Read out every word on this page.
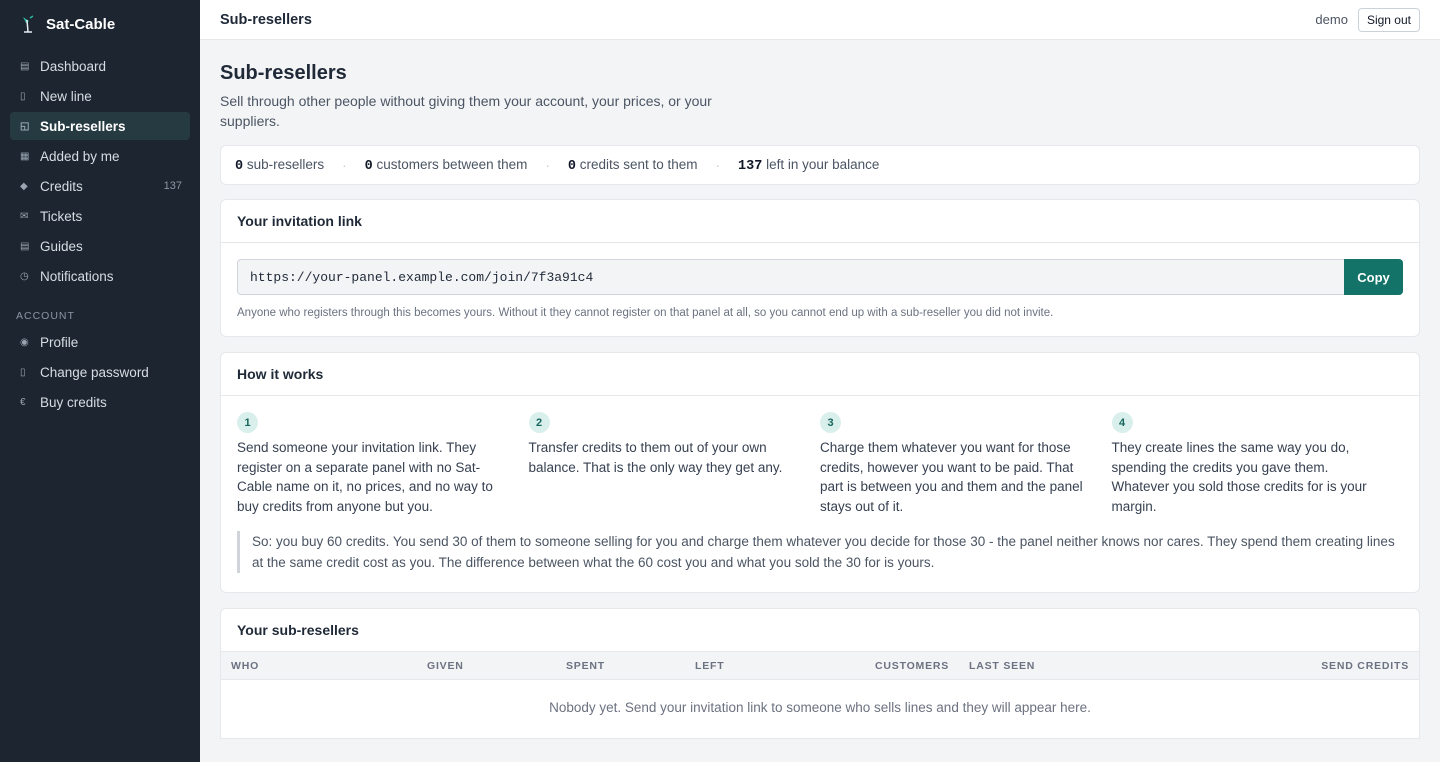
Sat-Cable
▤ Dashboard
▯	New line
◱ Sub-resellers
▦ Added by me
◆ Credits	137
✉ Tickets
▤ Guides
◷ Notifications
ACCOUNT
◉ Profile
▯	Change password
€	Buy credits
Sub-resellers	demo	Sign out
Sub-resellers

Sell through other people without giving them your account, your prices, or your suppliers.

0 sub-resellers · 0 customers between them · 0 credits sent to them · 137 left in your balance
Your invitation link
https://your-panel.example.com/join/7f3a91c4
Copy

Anyone who registers through this becomes yours. Without it they cannot register on that panel at all, so you cannot end up with a sub-reseller you did not invite.

How it works
1

Send someone your invitation link. They register on a separate panel with no Sat-Cable name on it, no prices, and no way to buy credits from anyone but you.

2

Transfer credits to them out of your own balance. That is the only way they get any.

3

Charge them whatever you want for those credits, however you want to be paid. That part is between you and them and the panel stays out of it.

4

They create lines the same way you do, spending the credits you gave them. Whatever you sold those credits for is your margin.

So: you buy 60 credits. You send 30 of them to someone selling for you and charge them whatever you decide for those 30 - the panel neither knows nor cares. They spend them creating lines at the same credit cost as you. The difference between what the 60 cost you and what you sold the 30 for is yours.
Your sub-resellers
WHO	GIVEN	SPENT	LEFT	CUSTOMERS	LAST SEEN	SEND CREDITS

Nobody yet. Send your invitation link to someone who sells lines and they will appear here.
